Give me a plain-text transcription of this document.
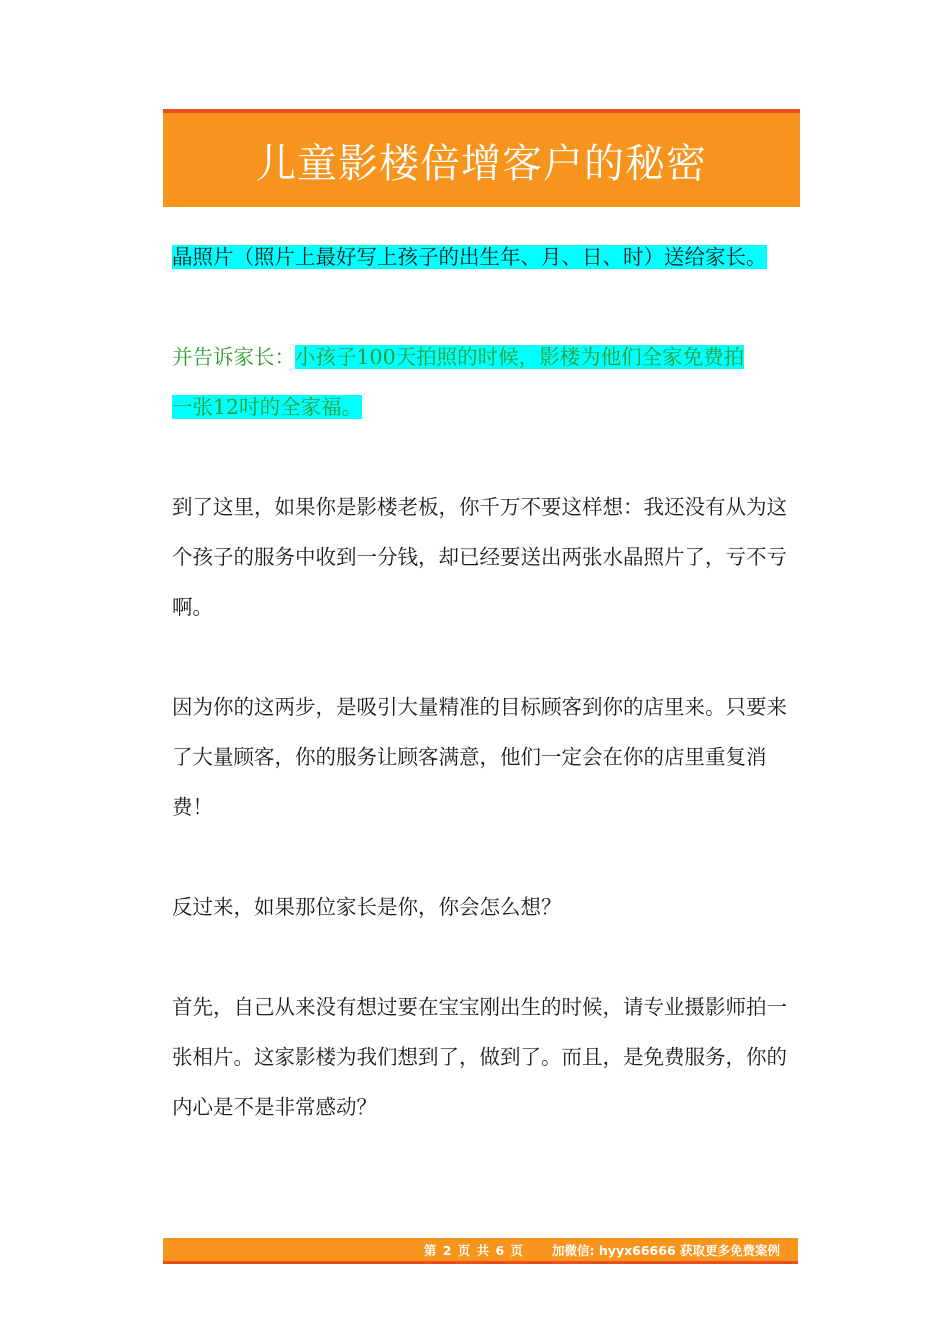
儿童影楼倍增客户的秘密

晶照片（照片上最好写上孩子的出生年、月、日、时）送给家长。

并告诉家长：小孩子100天拍照的时候，影楼为他们全家免费拍
一张12吋的全家福。

到了这里，如果你是影楼老板，你千万不要这样想：我还没有从为这个孩子的服务中收到一分钱，却已经要送出两张水晶照片了，亏不亏啊。

因为你的这两步，是吸引大量精准的目标顾客到你的店里来。只要来了大量顾客，你的服务让顾客满意，他们一定会在你的店里重复消费！

反过来，如果那位家长是你，你会怎么想？

首先，自己从来没有想过要在宝宝刚出生的时候，请专业摄影师拍一张相片。这家影楼为我们想到了，做到了。而且，是免费服务，你的内心是不是非常感动？

第 2 页 共 6 页 加微信: hyyx66666 获取更多免费案例
